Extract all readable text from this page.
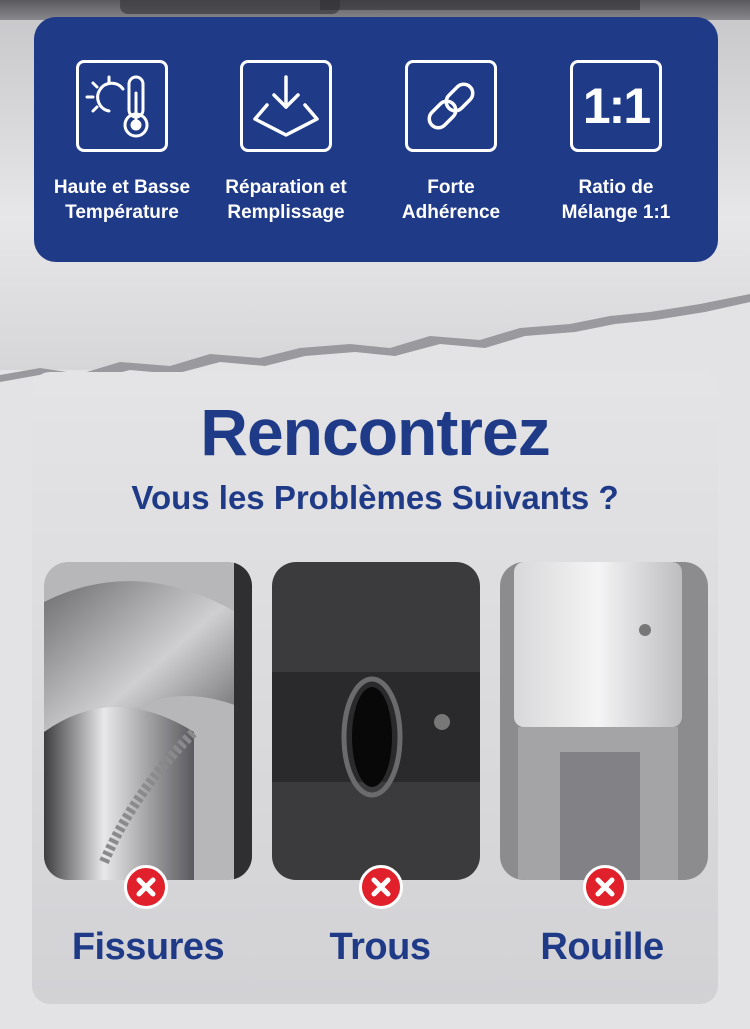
Haute et Basse
Température
Réparation et
Remplissage
Forte
Adhérence
1:1
Ratio de
Mélange 1:1
Rencontrez
Vous les Problèmes Suivants ?
Fissures	Trous	Rouille
